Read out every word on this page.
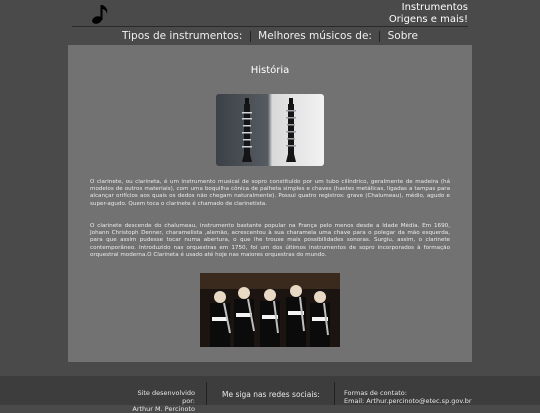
Instrumentos
Origens e mais!
Tipos de instrumentos: Melhores músicos de: Sobre
História

O clarinete, ou clarineta, é um instrumento musical de sopro constituído por um tubo cilíndrico, geralmente de madeira (há modelos de outros materiais), com uma boquilha cônica de palheta simples e chaves (hastes metálicas, ligadas a tampas para alcançar orifícios aos quais os dedos não chegam naturalmente). Possui quatro registros: grave (Chalumeau), médio, agudo e super-agudo. Quem toca o clarinete é chamado de clarinetista.

O clarinete descende do chalumeau, instrumento bastante popular na França pelo menos desde a Idade Média. Em 1690, Johann Christoph Denner, charamelista ,alemão, acrescentou à sua charamela uma chave para o polegar da mão esquerda, para que assim pudesse tocar numa abertura, o que lhe trouxe mais possibilidades sonoras. Surgiu, assim, o clarinete contemporâneo. Introduzido nas orquestras em 1750, foi um dos últimos instrumentos de sopro incorporados à formação orquestral moderna.O Clarineta é usado até hoje nas maiores orquestras do mundo.

Site desenvolvido por:
Arthur M. Percinoto
Me siga nas redes sociais:	Formas de contato:
Email: Arthur.percinoto@etec.sp.gov.br
